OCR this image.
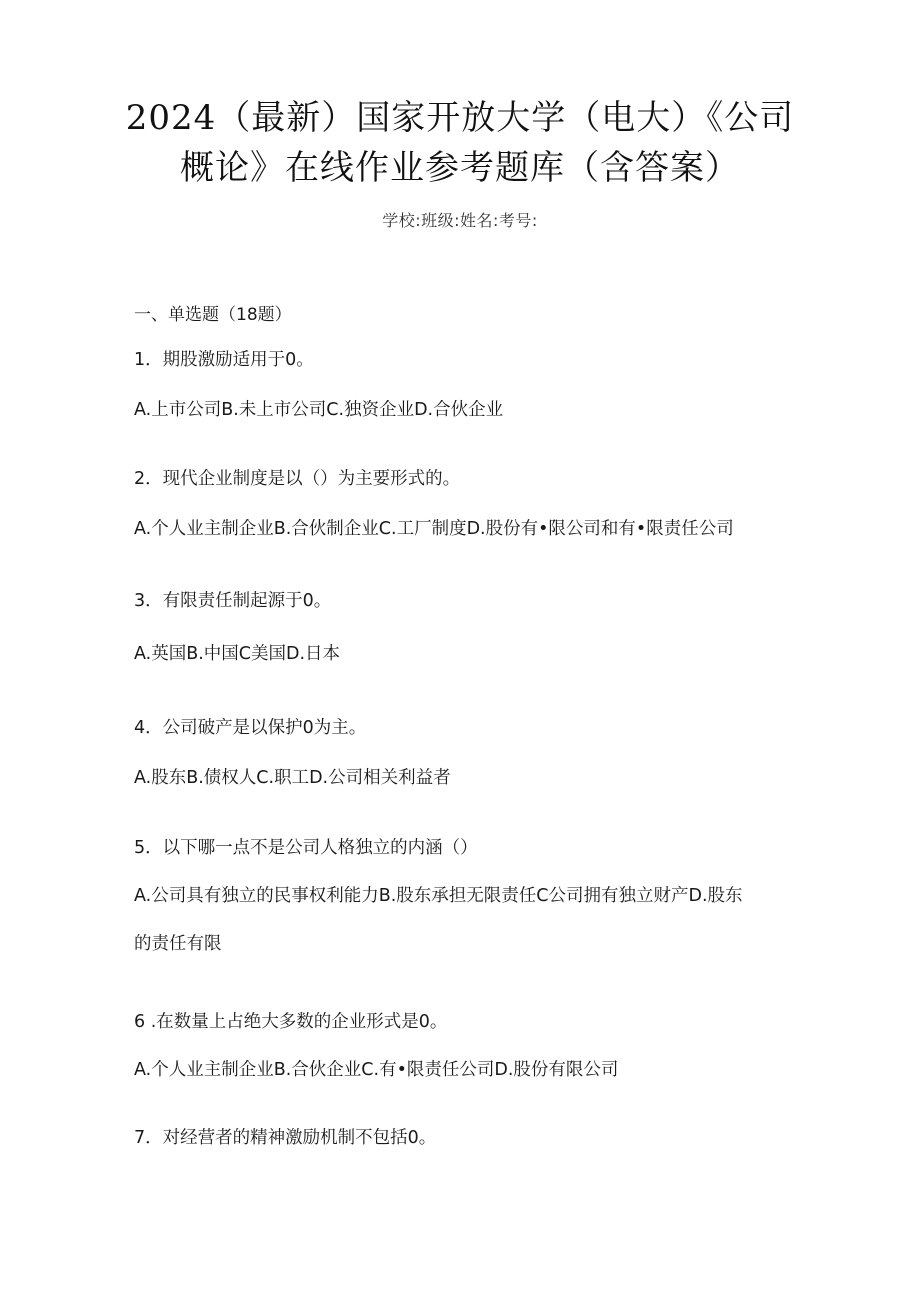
2024（最新）国家开放大学（电大）《公司
概论》在线作业参考题库（含答案）
学校:班级:姓名:考号:
一、单选题（18题）
1．期股激励适用于0。
A.上市公司B.未上市公司C.独资企业D.合伙企业
2．现代企业制度是以（）为主要形式的。
A.个人业主制企业B.合伙制企业C.工厂制度D.股份有•限公司和有•限责任公司
3．有限责任制起源于0。
A.英国B.中国C美国D.日本
4．公司破产是以保护0为主。
A.股东B.债权人C.职工D.公司相关利益者
5．以下哪一点不是公司人格独立的内涵（）
A.公司具有独立的民事权利能力B.股东承担无限责任C公司拥有独立财产D.股东
的责任有限
6 .在数量上占绝大多数的企业形式是0。
A.个人业主制企业B.合伙企业C.有•限责任公司D.股份有限公司
7．对经营者的精神激励机制不包括0。
